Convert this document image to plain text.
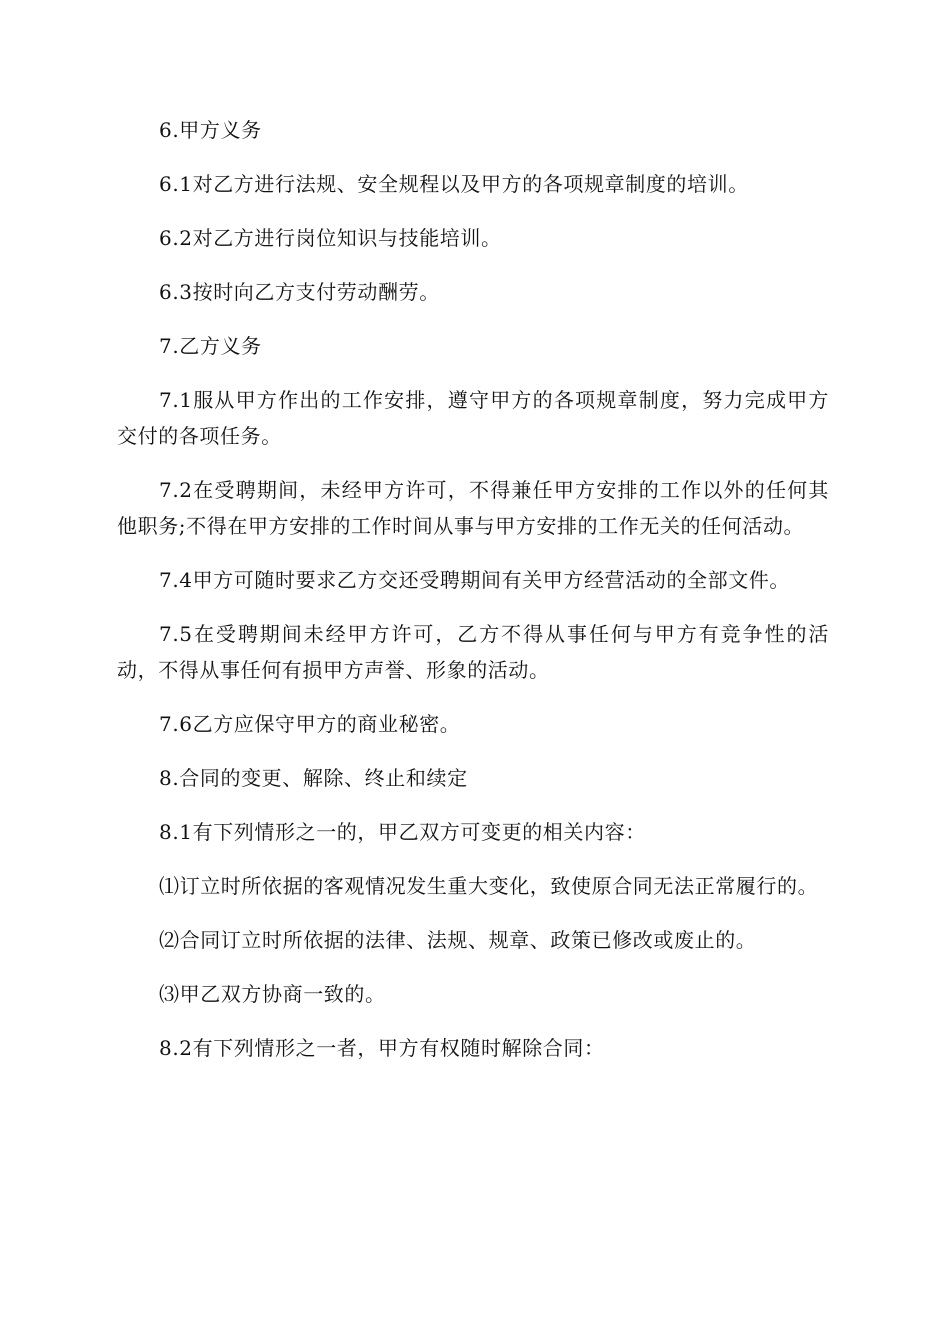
6.甲方义务

6.1对乙方进行法规、安全规程以及甲方的各项规章制度的培训。

6.2对乙方进行岗位知识与技能培训。

6.3按时向乙方支付劳动酬劳。

7.乙方义务

7.1服从甲方作出的工作安排，遵守甲方的各项规章制度，努力完成甲方交付的各项任务。

7.2在受聘期间，未经甲方许可，不得兼任甲方安排的工作以外的任何其他职务;不得在甲方安排的工作时间从事与甲方安排的工作无关的任何活动。

7.4甲方可随时要求乙方交还受聘期间有关甲方经营活动的全部文件。

7.5在受聘期间未经甲方许可，乙方不得从事任何与甲方有竞争性的活动，不得从事任何有损甲方声誉、形象的活动。

7.6乙方应保守甲方的商业秘密。

8.合同的变更、解除、终止和续定

8.1有下列情形之一的，甲乙双方可变更的相关内容：

⑴订立时所依据的客观情况发生重大变化，致使原合同无法正常履行的。

⑵合同订立时所依据的法律、法规、规章、政策已修改或废止的。

⑶甲乙双方协商一致的。

8.2有下列情形之一者，甲方有权随时解除合同：
